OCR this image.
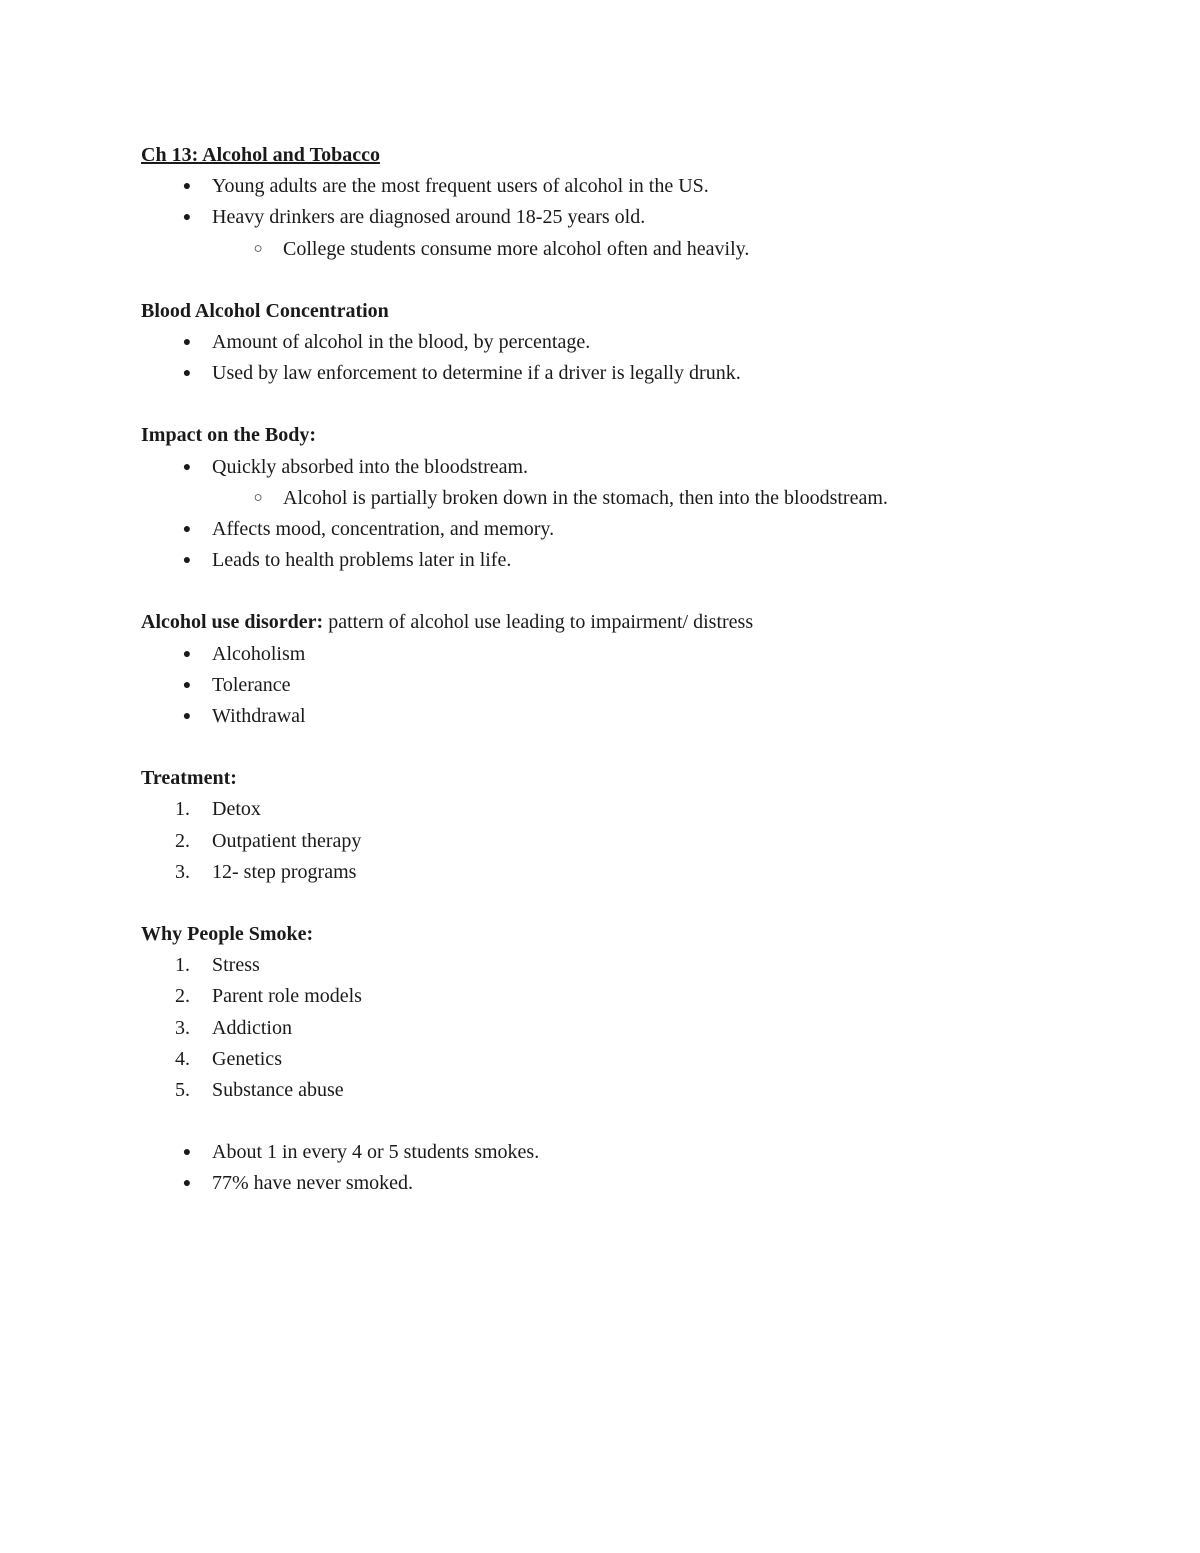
Ch 13: Alcohol and Tobacco
● Young adults are the most frequent users of alcohol in the US.
● Heavy drinkers are diagnosed around 18-25 years old.
○ College students consume more alcohol often and heavily.
Blood Alcohol Concentration
● Amount of alcohol in the blood, by percentage.
● Used by law enforcement to determine if a driver is legally drunk.
Impact on the Body:
● Quickly absorbed into the bloodstream.
○ Alcohol is partially broken down in the stomach, then into the bloodstream.
● Affects mood, concentration, and memory.
● Leads to health problems later in life.
Alcohol use disorder: pattern of alcohol use leading to impairment/ distress
● Alcoholism
● Tolerance
● Withdrawal
Treatment:
1.	Detox
2.	Outpatient therapy
3.	12- step programs
Why People Smoke:
1.	Stress
2.	Parent role models
3.	Addiction
4.	Genetics
5.	Substance abuse
● About 1 in every 4 or 5 students smokes.
● 77% have never smoked.
